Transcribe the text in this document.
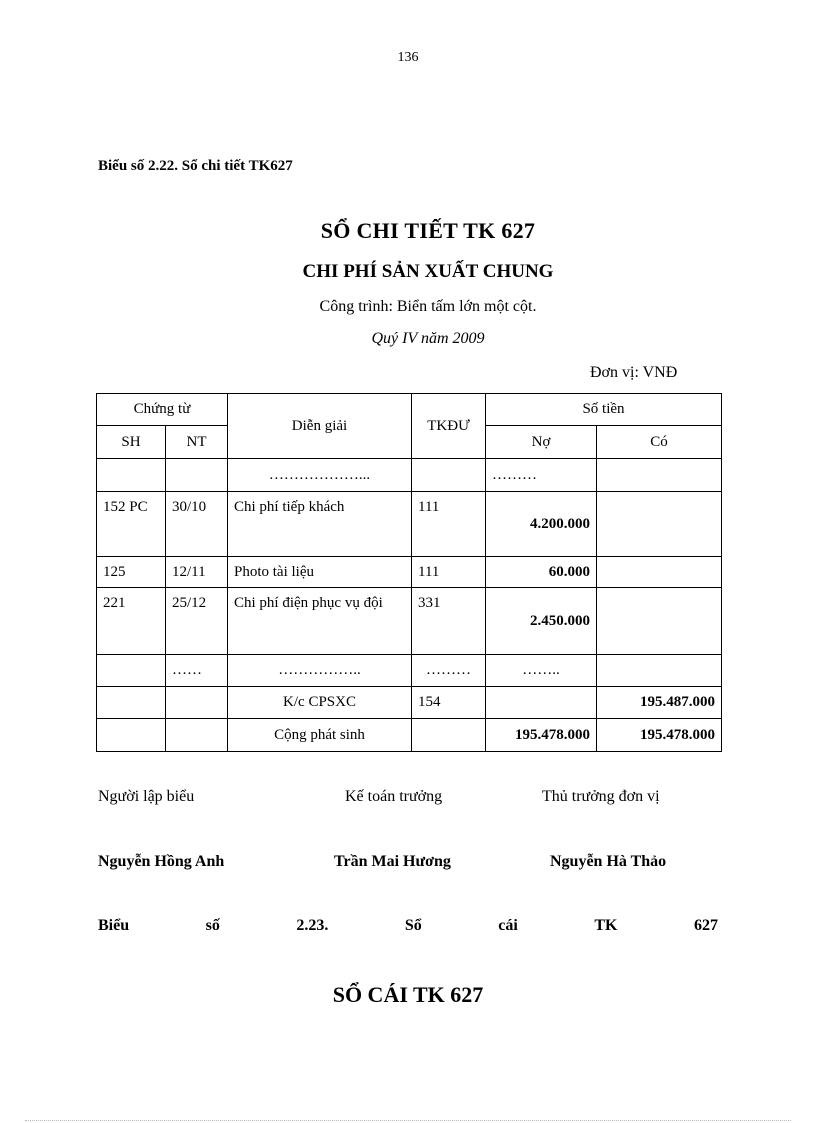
136
Biểu số 2.22. Sổ chi tiết TK627
SỔ CHI TIẾT TK 627
CHI PHÍ SẢN XUẤT CHUNG
Công trình: Biển tấm lớn một cột.
Quý IV năm 2009
Đơn vị: VNĐ
Chứng từ		Diễn giải	TKĐƯ	Số tiền	
SH	NT			Nợ	Có
		………………...		………	
152 PC	30/10	Chi phí tiếp khách	111	4.200.000	
125	12/11	Photo tài liệu	111	60.000	
221	25/12	Chi phí điện phục vụ đội	331	2.450.000	
	……	……………..	………	……..	
		K/c CPSXC	154		195.487.000
		Cộng phát sinh		195.478.000	195.478.000
Người lập biểu	Kế toán trưởng	Thủ trưởng đơn vị
Nguyễn Hồng Anh	Trần Mai Hương	Nguyễn Hà Thảo
Biểu	số	2.23.	Sổ	cái	TK	627
SỔ CÁI TK 627
